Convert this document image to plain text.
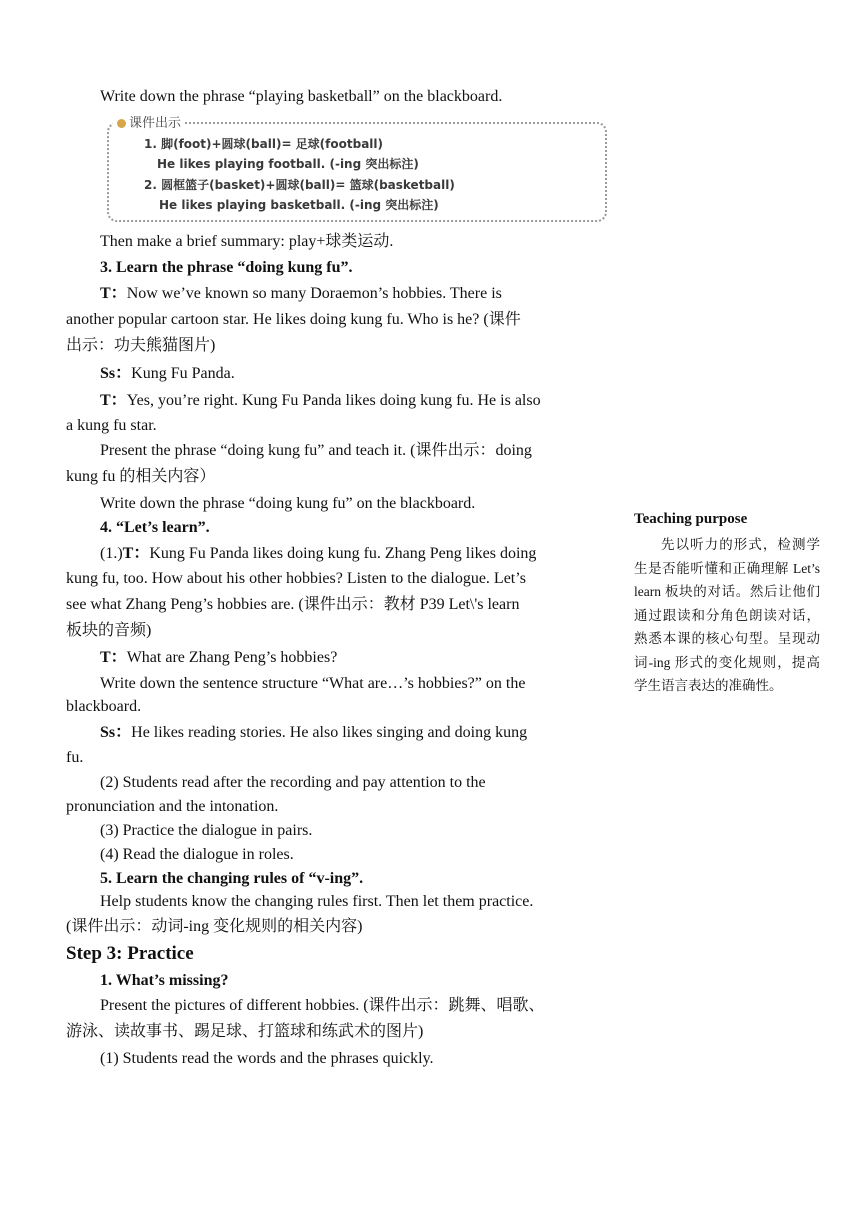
Write down the phrase “playing basketball” on the blackboard.
课件出示
1. 脚(foot)+圆球(ball)= 足球(football)
He likes playing football. (-ing 突出标注)
2. 圆框篮子(basket)+圆球(ball)= 篮球(basketball)
He likes playing basketball. (-ing 突出标注)
Then make a brief summary: play+球类运动.
3. Learn the phrase “doing kung fu”.
T：Now we’ve known so many Doraemon’s hobbies. There is
another popular cartoon star. He likes doing kung fu. Who is he? (课件
出示：功夫熊猫图片)
Ss：Kung Fu Panda.
T：Yes, you’re right. Kung Fu Panda likes doing kung fu. He is also
a kung fu star.
Present the phrase “doing kung fu” and teach it. (课件出示：doing
kung fu 的相关内容）
Write down the phrase “doing kung fu” on the blackboard.
4. “Let’s learn”.
(1.)T：Kung Fu Panda likes doing kung fu. Zhang Peng likes doing
kung fu, too. How about his other hobbies? Listen to the dialogue. Let’s
see what Zhang Peng’s hobbies are. (课件出示：教材 P39 Let\'s learn
板块的音频)
T：What are Zhang Peng’s hobbies?
Write down the sentence structure “What are…’s hobbies?” on the
blackboard.
Ss：He likes reading stories. He also likes singing and doing kung
fu.
(2) Students read after the recording and pay attention to the
pronunciation and the intonation.
(3) Practice the dialogue in pairs.
(4) Read the dialogue in roles.
5. Learn the changing rules of “v-ing”.
Help students know the changing rules first. Then let them practice.
(课件出示：动词-ing 变化规则的相关内容)
Step 3: Practice
1. What’s missing?
Present the pictures of different hobbies. (课件出示：跳舞、唱歌、
游泳、读故事书、踢足球、打篮球和练武术的图片)
(1) Students read the words and the phrases quickly.
Teaching purpose
先以听力的形式，检测学生是否能听懂和正确理解 Let’s learn 板块的对话。然后让他们通过跟读和分角色朗读对话，熟悉本课的核心句型。呈现动词-ing 形式的变化规则，提高学生语言表达的准确性。
